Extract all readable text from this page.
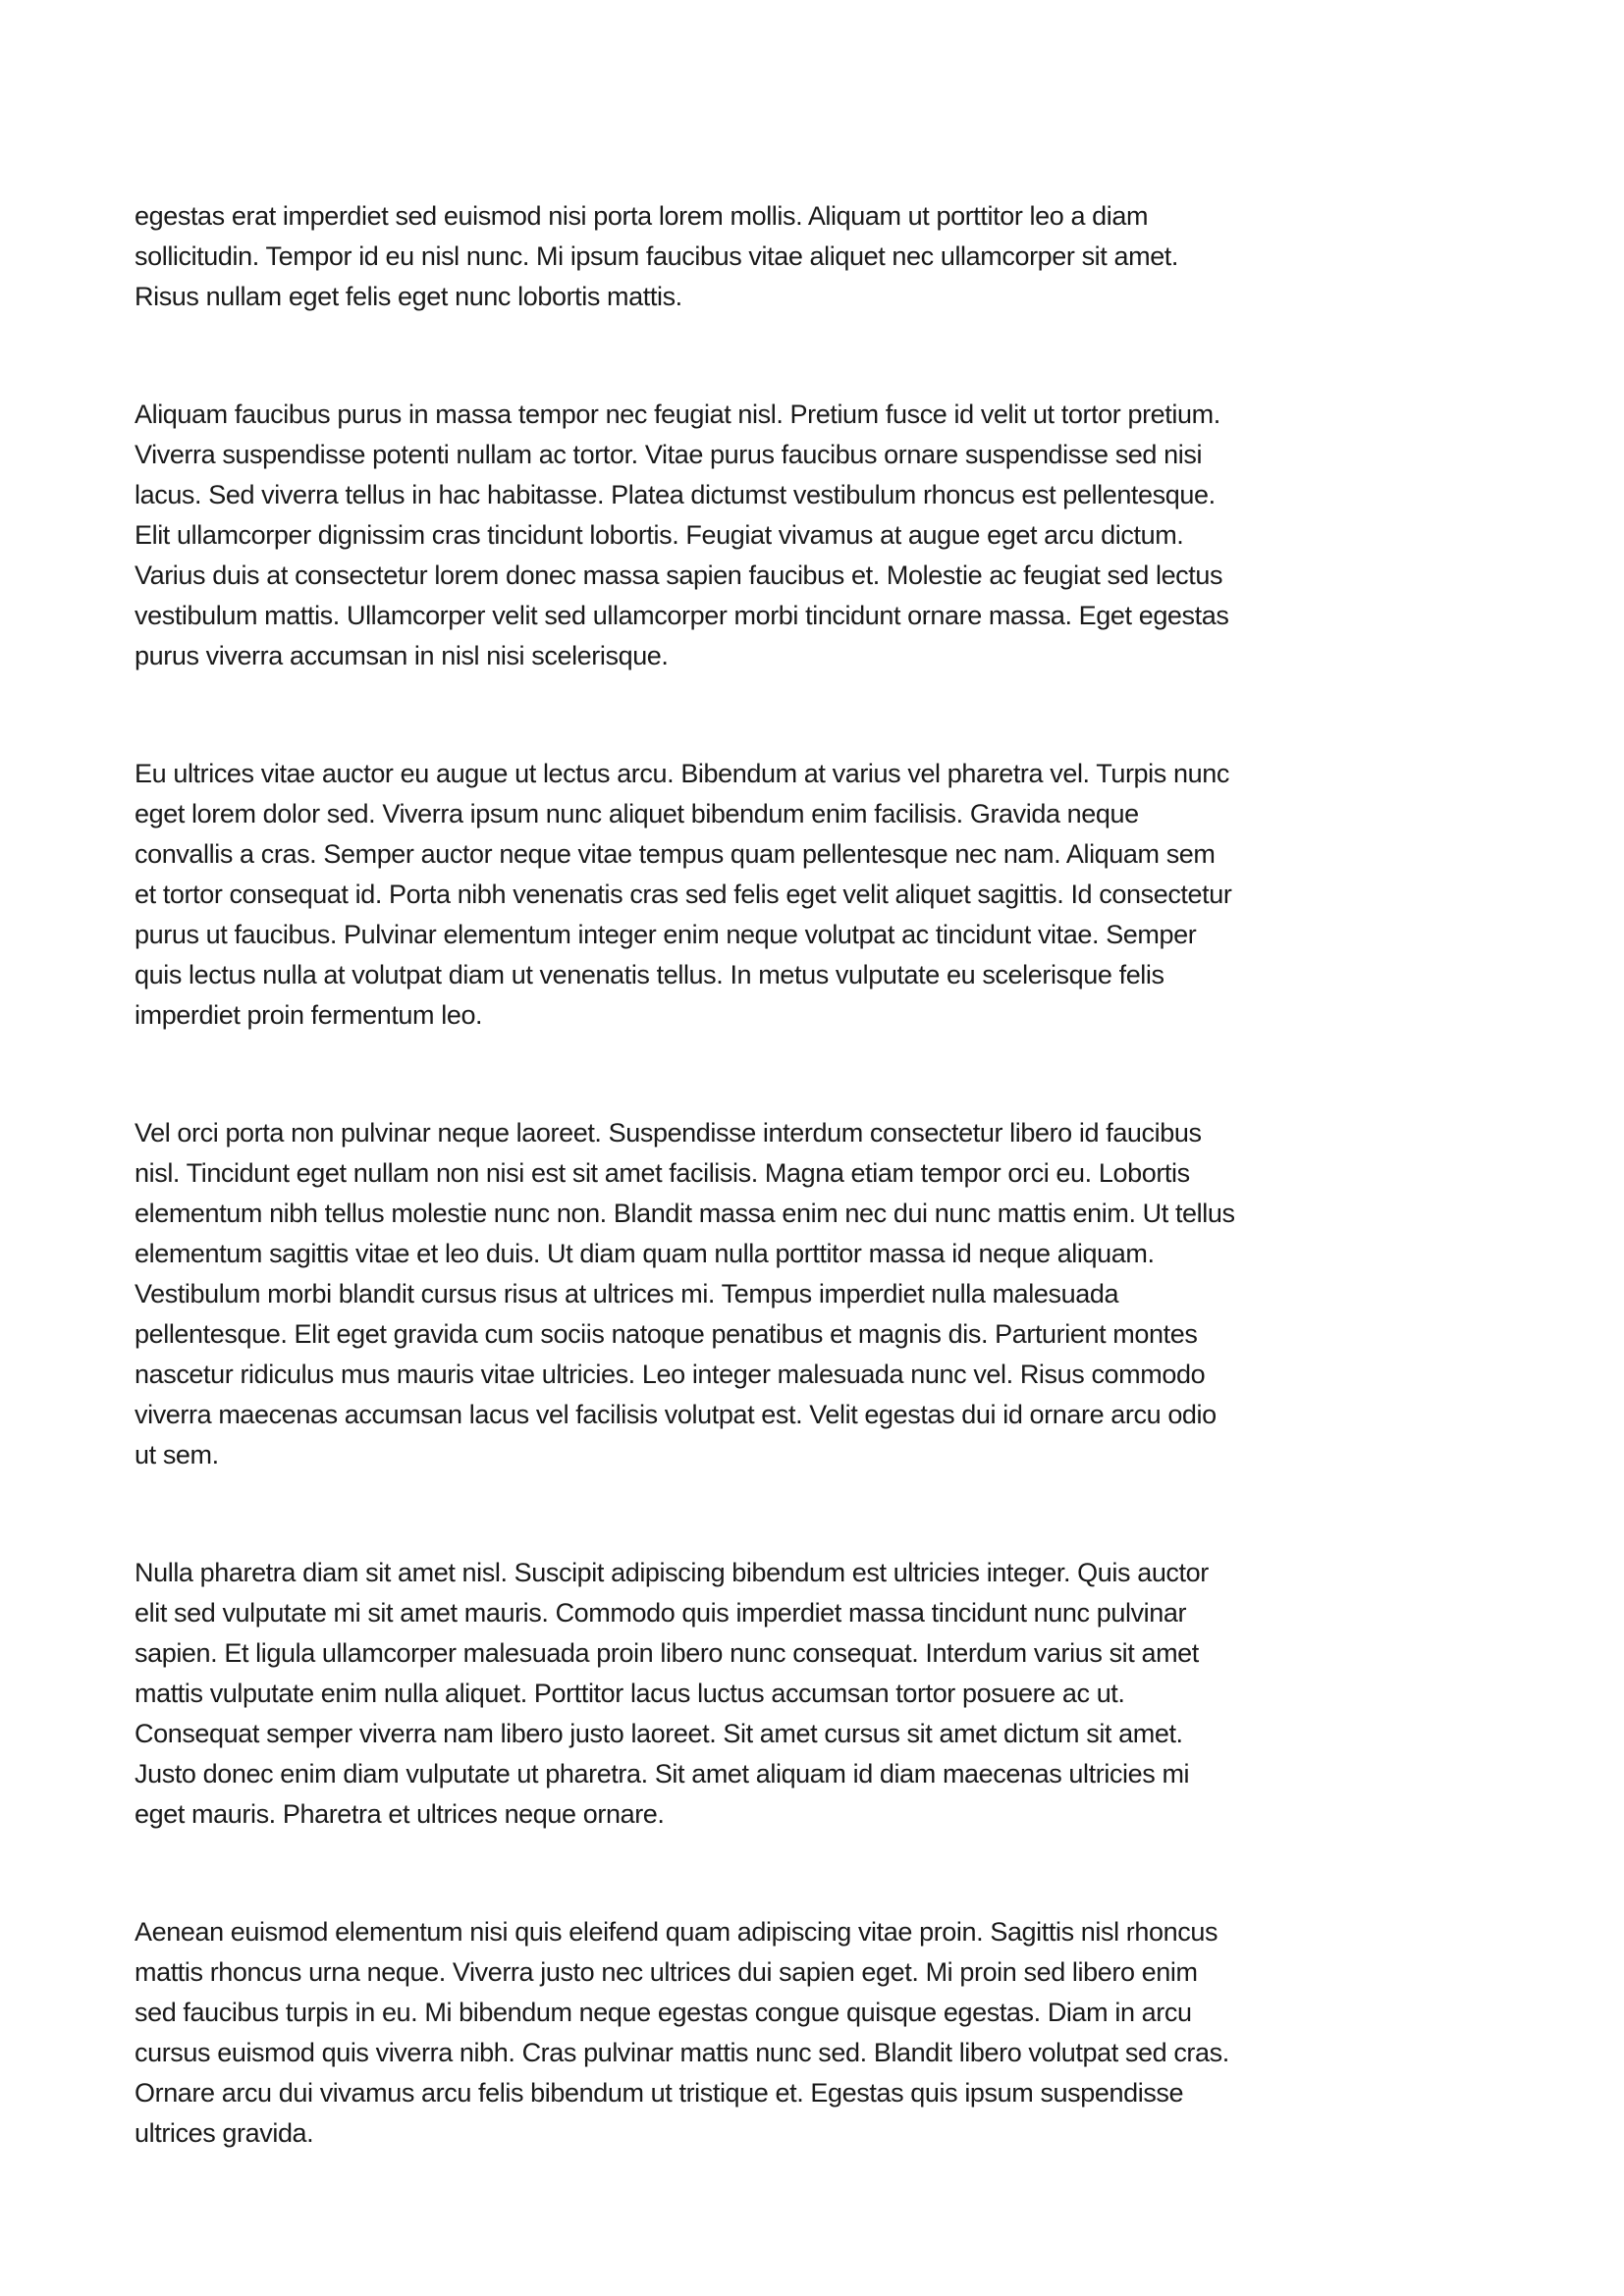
egestas erat imperdiet sed euismod nisi porta lorem mollis. Aliquam ut porttitor leo a diam sollicitudin. Tempor id eu nisl nunc. Mi ipsum faucibus vitae aliquet nec ullamcorper sit amet. Risus nullam eget felis eget nunc lobortis mattis.

Aliquam faucibus purus in massa tempor nec feugiat nisl. Pretium fusce id velit ut tortor pretium. Viverra suspendisse potenti nullam ac tortor. Vitae purus faucibus ornare suspendisse sed nisi lacus. Sed viverra tellus in hac habitasse. Platea dictumst vestibulum rhoncus est pellentesque. Elit ullamcorper dignissim cras tincidunt lobortis. Feugiat vivamus at augue eget arcu dictum. Varius duis at consectetur lorem donec massa sapien faucibus et. Molestie ac feugiat sed lectus vestibulum mattis. Ullamcorper velit sed ullamcorper morbi tincidunt ornare massa. Eget egestas purus viverra accumsan in nisl nisi scelerisque.

Eu ultrices vitae auctor eu augue ut lectus arcu. Bibendum at varius vel pharetra vel. Turpis nunc eget lorem dolor sed. Viverra ipsum nunc aliquet bibendum enim facilisis. Gravida neque convallis a cras. Semper auctor neque vitae tempus quam pellentesque nec nam. Aliquam sem et tortor consequat id. Porta nibh venenatis cras sed felis eget velit aliquet sagittis. Id consectetur purus ut faucibus. Pulvinar elementum integer enim neque volutpat ac tincidunt vitae. Semper quis lectus nulla at volutpat diam ut venenatis tellus. In metus vulputate eu scelerisque felis imperdiet proin fermentum leo.

Vel orci porta non pulvinar neque laoreet. Suspendisse interdum consectetur libero id faucibus nisl. Tincidunt eget nullam non nisi est sit amet facilisis. Magna etiam tempor orci eu. Lobortis elementum nibh tellus molestie nunc non. Blandit massa enim nec dui nunc mattis enim. Ut tellus elementum sagittis vitae et leo duis. Ut diam quam nulla porttitor massa id neque aliquam. Vestibulum morbi blandit cursus risus at ultrices mi. Tempus imperdiet nulla malesuada pellentesque. Elit eget gravida cum sociis natoque penatibus et magnis dis. Parturient montes nascetur ridiculus mus mauris vitae ultricies. Leo integer malesuada nunc vel. Risus commodo viverra maecenas accumsan lacus vel facilisis volutpat est. Velit egestas dui id ornare arcu odio ut sem.

Nulla pharetra diam sit amet nisl. Suscipit adipiscing bibendum est ultricies integer. Quis auctor elit sed vulputate mi sit amet mauris. Commodo quis imperdiet massa tincidunt nunc pulvinar sapien. Et ligula ullamcorper malesuada proin libero nunc consequat. Interdum varius sit amet mattis vulputate enim nulla aliquet. Porttitor lacus luctus accumsan tortor posuere ac ut. Consequat semper viverra nam libero justo laoreet. Sit amet cursus sit amet dictum sit amet. Justo donec enim diam vulputate ut pharetra. Sit amet aliquam id diam maecenas ultricies mi eget mauris. Pharetra et ultrices neque ornare.

Aenean euismod elementum nisi quis eleifend quam adipiscing vitae proin. Sagittis nisl rhoncus mattis rhoncus urna neque. Viverra justo nec ultrices dui sapien eget. Mi proin sed libero enim sed faucibus turpis in eu. Mi bibendum neque egestas congue quisque egestas. Diam in arcu cursus euismod quis viverra nibh. Cras pulvinar mattis nunc sed. Blandit libero volutpat sed cras. Ornare arcu dui vivamus arcu felis bibendum ut tristique et. Egestas quis ipsum suspendisse ultrices gravida.
